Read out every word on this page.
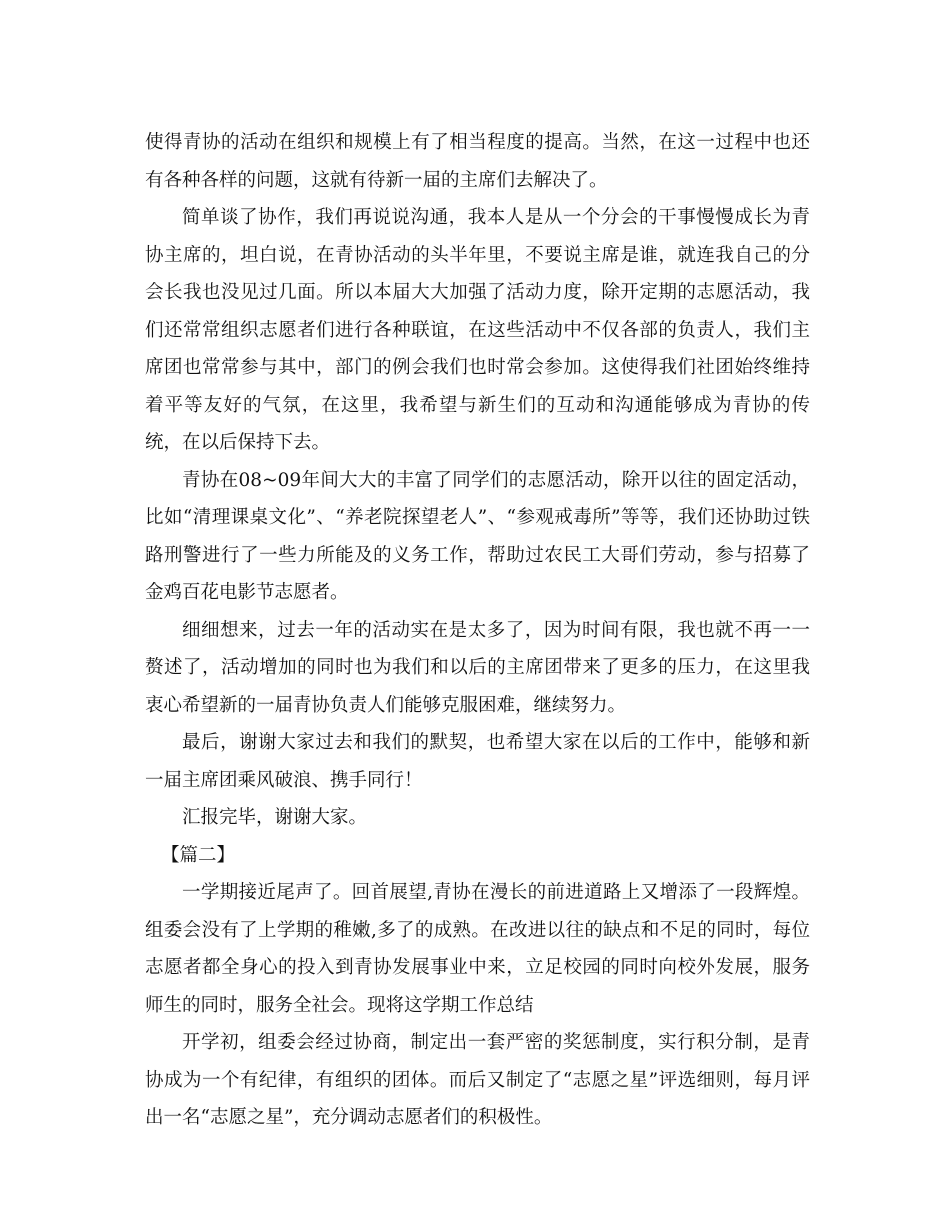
使得青协的活动在组织和规模上有了相当程度的提高。当然，在这一过程中也还有各种各样的问题，这就有待新一届的主席们去解决了。

简单谈了协作，我们再说说沟通，我本人是从一个分会的干事慢慢成长为青协主席的，坦白说，在青协活动的头半年里，不要说主席是谁，就连我自己的分会长我也没见过几面。所以本届大大加强了活动力度，除开定期的志愿活动，我们还常常组织志愿者们进行各种联谊，在这些活动中不仅各部的负责人，我们主席团也常常参与其中，部门的例会我们也时常会参加。这使得我们社团始终维持着平等友好的气氛，在这里，我希望与新生们的互动和沟通能够成为青协的传统，在以后保持下去。

青协在08~09年间大大的丰富了同学们的志愿活动，除开以往的固定活动，比如“清理课桌文化”、“养老院探望老人”、“参观戒毒所”等等，我们还协助过铁路刑警进行了一些力所能及的义务工作，帮助过农民工大哥们劳动，参与招募了金鸡百花电影节志愿者。

细细想来，过去一年的活动实在是太多了，因为时间有限，我也就不再一一赘述了，活动增加的同时也为我们和以后的主席团带来了更多的压力，在这里我衷心希望新的一届青协负责人们能够克服困难，继续努力。

最后，谢谢大家过去和我们的默契，也希望大家在以后的工作中，能够和新一届主席团乘风破浪、携手同行！

汇报完毕，谢谢大家。

【篇二】

一学期接近尾声了。回首展望,青协在漫长的前进道路上又增添了一段辉煌。组委会没有了上学期的稚嫩,多了的成熟。在改进以往的缺点和不足的同时，每位志愿者都全身心的投入到青协发展事业中来，立足校园的同时向校外发展，服务师生的同时，服务全社会。现将这学期工作总结

开学初，组委会经过协商，制定出一套严密的奖惩制度，实行积分制，是青协成为一个有纪律，有组织的团体。而后又制定了“志愿之星”评选细则，每月评出一名“志愿之星”，充分调动志愿者们的积极性。
